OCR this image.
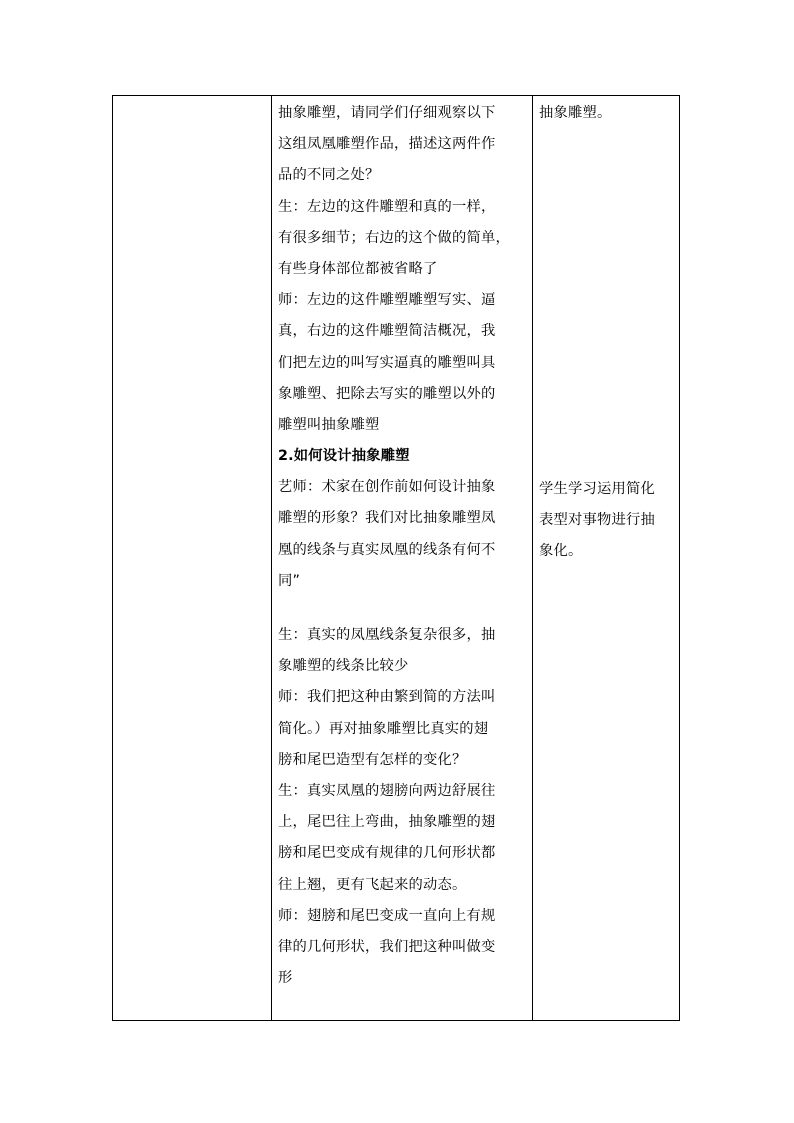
抽象雕塑，请同学们仔细观察以下
这组凤凰雕塑作品，描述这两件作
品的不同之处？
生：左边的这件雕塑和真的一样，
有很多细节；右边的这个做的简单，
有些身体部位都被省略了
师：左边的这件雕塑雕塑写实、逼
真，右边的这件雕塑简洁概况，我
们把左边的叫写实逼真的雕塑叫具
象雕塑、把除去写实的雕塑以外的
雕塑叫抽象雕塑
2.如何设计抽象雕塑
艺师：术家在创作前如何设计抽象
雕塑的形象？我们对比抽象雕塑凤
凰的线条与真实凤凰的线条有何不
同”
生：真实的凤凰线条复杂很多，抽
象雕塑的线条比较少
师：我们把这种由繁到简的方法叫
简化。）再对抽象雕塑比真实的翅
膀和尾巴造型有怎样的变化？
生：真实凤凰的翅膀向两边舒展往
上，尾巴往上弯曲，抽象雕塑的翅
膀和尾巴变成有规律的几何形状都
往上翘，更有飞起来的动态。
师：翅膀和尾巴变成一直向上有规
律的几何形状，我们把这种叫做变
形
抽象雕塑。
学生学习运用简化
表型对事物进行抽
象化。
